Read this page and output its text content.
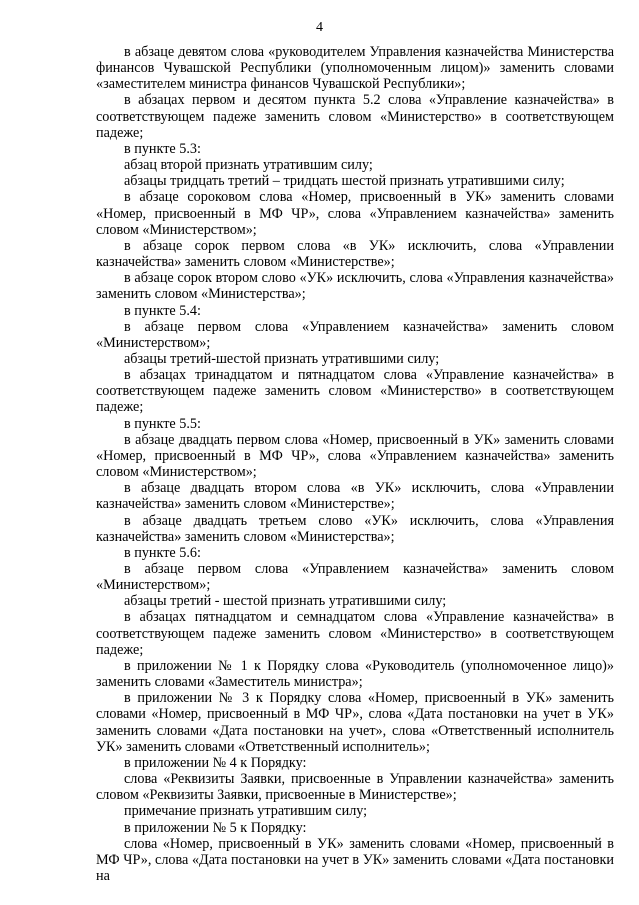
4

в абзаце девятом слова «руководителем Управления казначейства Министерства финансов Чувашской Республики (уполномоченным лицом)» заменить словами «заместителем министра финансов Чувашской Республики»;

в абзацах первом и десятом пункта 5.2 слова «Управление казначейства» в соответствующем падеже заменить словом «Министерство» в соответствующем падеже;

в пункте 5.3:

абзац второй признать утратившим силу;

абзацы тридцать третий – тридцать шестой признать утратившими силу;

в абзаце сороковом слова «Номер, присвоенный в УК» заменить словами «Номер, присвоенный в МФ ЧР», слова «Управлением казначейства» заменить словом «Министерством»;

в абзаце сорок первом слова «в УК» исключить, слова «Управлении казначейства» заменить словом «Министерстве»;

в абзаце сорок втором слово «УК» исключить, слова «Управления казначейства» заменить словом «Министерства»;

в пункте 5.4:

в абзаце первом слова «Управлением казначейства» заменить словом «Министерством»;

абзацы третий-шестой признать утратившими силу;

в абзацах тринадцатом и пятнадцатом слова «Управление казначейства» в соответствующем падеже заменить словом «Министерство» в соответствующем падеже;

в пункте 5.5:

в абзаце двадцать первом слова «Номер, присвоенный в УК» заменить словами «Номер, присвоенный в МФ ЧР», слова «Управлением казначейства» заменить словом «Министерством»;

в абзаце двадцать втором слова «в УК» исключить, слова «Управлении казначейства» заменить словом «Министерстве»;

в абзаце двадцать третьем слово «УК» исключить, слова «Управления казначейства» заменить словом «Министерства»;

в пункте 5.6:

в абзаце первом слова «Управлением казначейства» заменить словом «Министерством»;

абзацы третий - шестой признать утратившими силу;

в абзацах пятнадцатом и семнадцатом слова «Управление казначейства» в соответствующем падеже заменить словом «Министерство» в соответствующем падеже;

в приложении № 1 к Порядку слова «Руководитель (уполномоченное лицо)» заменить словами «Заместитель министра»;

в приложении № 3 к Порядку слова «Номер, присвоенный в УК» заменить словами «Номер, присвоенный в МФ ЧР», слова «Дата постановки на учет в УК» заменить словами «Дата постановки на учет», слова «Ответственный исполнитель УК» заменить словами «Ответственный исполнитель»;

в приложении № 4 к Порядку:

слова «Реквизиты Заявки, присвоенные в Управлении казначейства» заменить словом «Реквизиты Заявки, присвоенные в Министерстве»;

примечание признать утратившим силу;

в приложении № 5 к Порядку:

слова «Номер, присвоенный в УК» заменить словами «Номер, присвоенный в МФ ЧР», слова «Дата постановки на учет в УК» заменить словами «Дата постановки на
